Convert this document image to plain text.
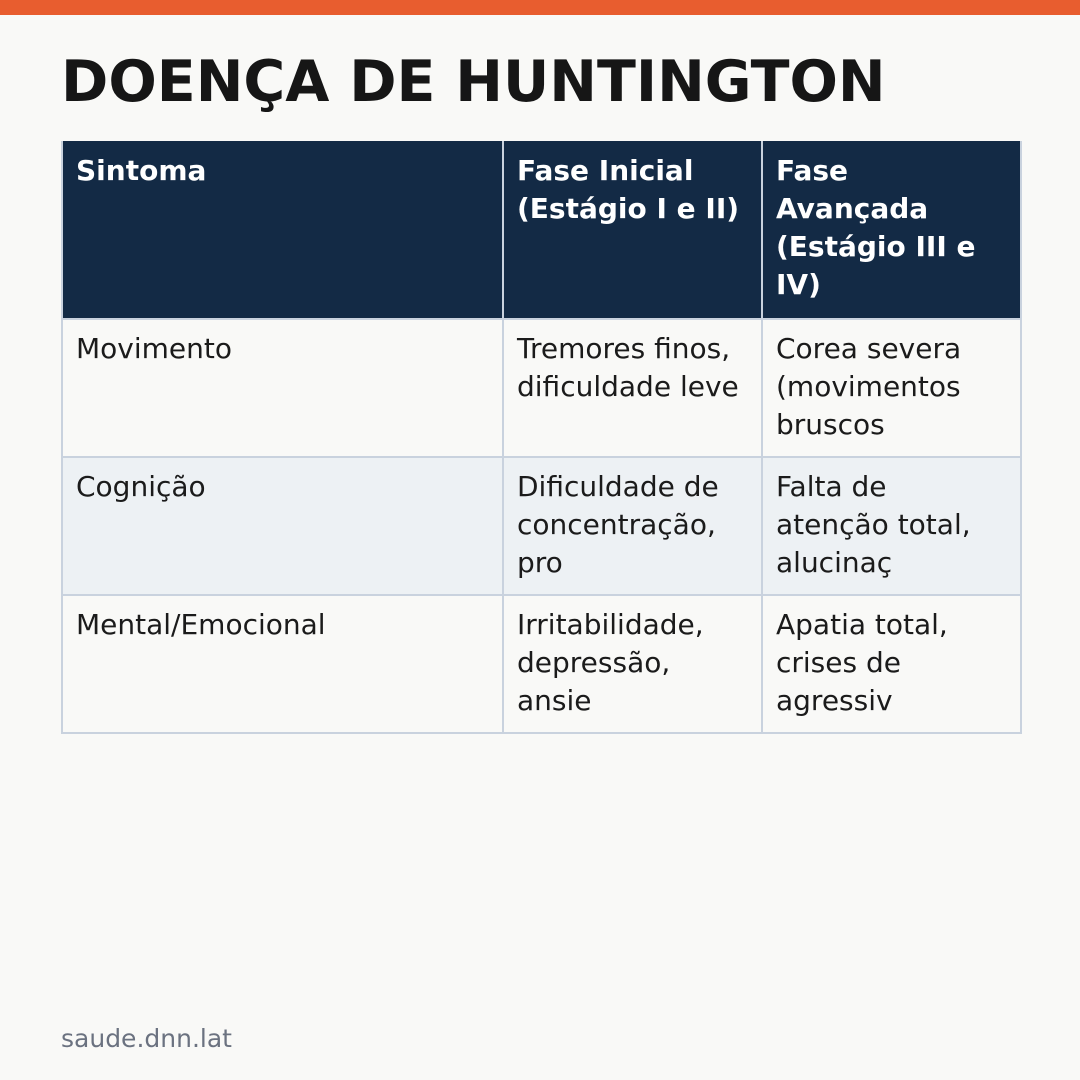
DOENÇA DE HUNTINGTON
Sintoma	Fase Inicial (Estágio I e II)	Fase Avançada (Estágio III e IV)
Movimento	Tremores finos, dificuldade leve	Corea severa (movimentos bruscos
Cognição	Dificuldade de concentração, pro	Falta de atenção total, alucinaç
Mental/Emocional	Irritabilidade, depressão, ansie	Apatia total, crises de agressiv
saude.dnn.lat
